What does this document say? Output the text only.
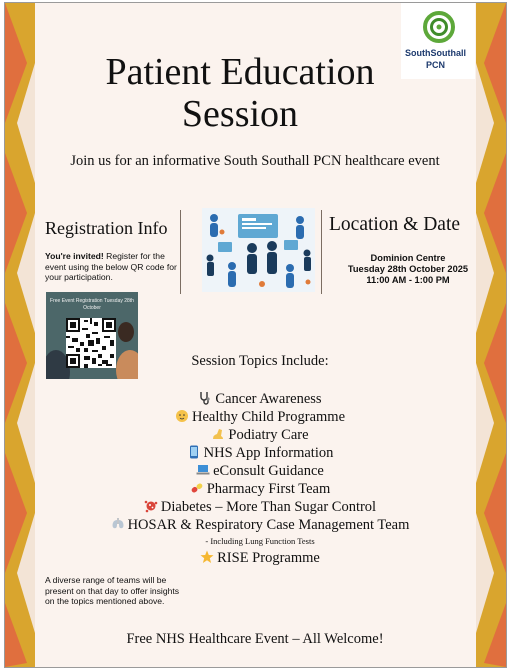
SouthSouthall
PCN
Patient Education Session
Join us for an informative South Southall PCN healthcare event
Registration Info
You're invited! Register for the event using the below QR code for your participation.
Free Event Registration Tuesday 28th October
Location & Date
Dominion Centre
Tuesday 28th October 2025
11:00 AM - 1:00 PM
Session Topics Include:
Cancer Awareness
Healthy Child Programme
Podiatry Care
NHS App Information
eConsult Guidance
Pharmacy First Team
Diabetes – More Than Sugar Control
HOSAR & Respiratory Case Management Team
- Including Lung Function Tests
RISE Programme
A diverse range of teams will be present on that day to offer insights on the topics mentioned above.
Free NHS Healthcare Event – All Welcome!
